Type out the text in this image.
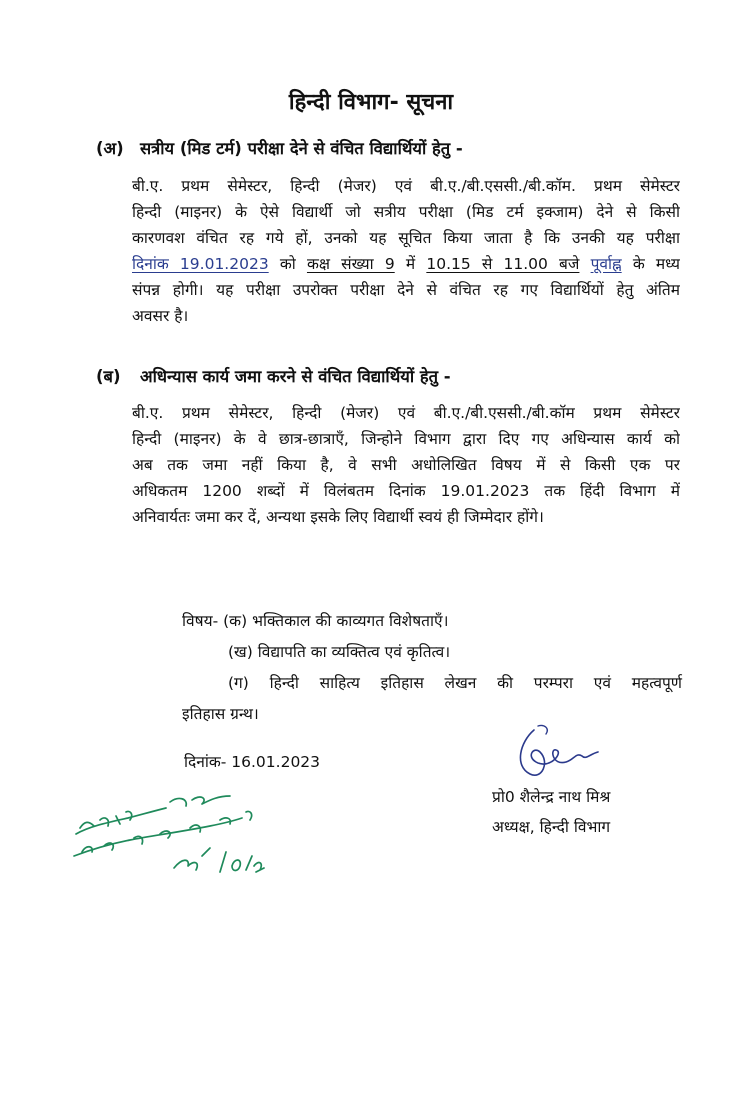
हिन्दी विभाग- सूचना
(अ) सत्रीय (मिड टर्म) परीक्षा देने से वंचित विद्यार्थियों हेतु -
बी.ए. प्रथम सेमेस्टर, हिन्दी (मेजर) एवं बी.ए./बी.एससी./बी.कॉम. प्रथम सेमेस्टर
हिन्दी (माइनर) के ऐसे विद्यार्थी जो सत्रीय परीक्षा (मिड टर्म इक्जाम) देने से किसी
कारणवश वंचित रह गये हों, उनको यह सूचित किया जाता है कि उनकी यह परीक्षा
दिनांक 19.01.2023 को कक्ष संख्या 9 में 10.15 से 11.00 बजे पूर्वाह्न के मध्य
संपन्न होगी। यह परीक्षा उपरोक्त परीक्षा देने से वंचित रह गए विद्यार्थियों हेतु अंतिम
अवसर है।
(ब) अधिन्यास कार्य जमा करने से वंचित विद्यार्थियों हेतु -
बी.ए. प्रथम सेमेस्टर, हिन्दी (मेजर) एवं बी.ए./बी.एससी./बी.कॉम प्रथम सेमेस्टर
हिन्दी (माइनर) के वे छात्र-छात्राएँ, जिन्होने विभाग द्वारा दिए गए अधिन्यास कार्य को
अब तक जमा नहीं किया है, वे सभी अधोलिखित विषय में से किसी एक पर
अधिकतम 1200 शब्दों में विलंबतम दिनांक 19.01.2023 तक हिंदी विभाग में
अनिवार्यतः जमा कर दें, अन्यथा इसके लिए विद्यार्थी स्वयं ही जिम्मेदार होंगे।
विषय- (क) भक्तिकाल की काव्यगत विशेषताएँ।
(ख) विद्यापति का व्यक्तित्व एवं कृतित्व।
(ग) हिन्दी साहित्य इतिहास लेखन की परम्परा एवं महत्वपूर्ण
इतिहास ग्रन्थ।
दिनांक- 16.01.2023
प्रो0 शैलेन्द्र नाथ मिश्र
अध्यक्ष, हिन्दी विभाग
